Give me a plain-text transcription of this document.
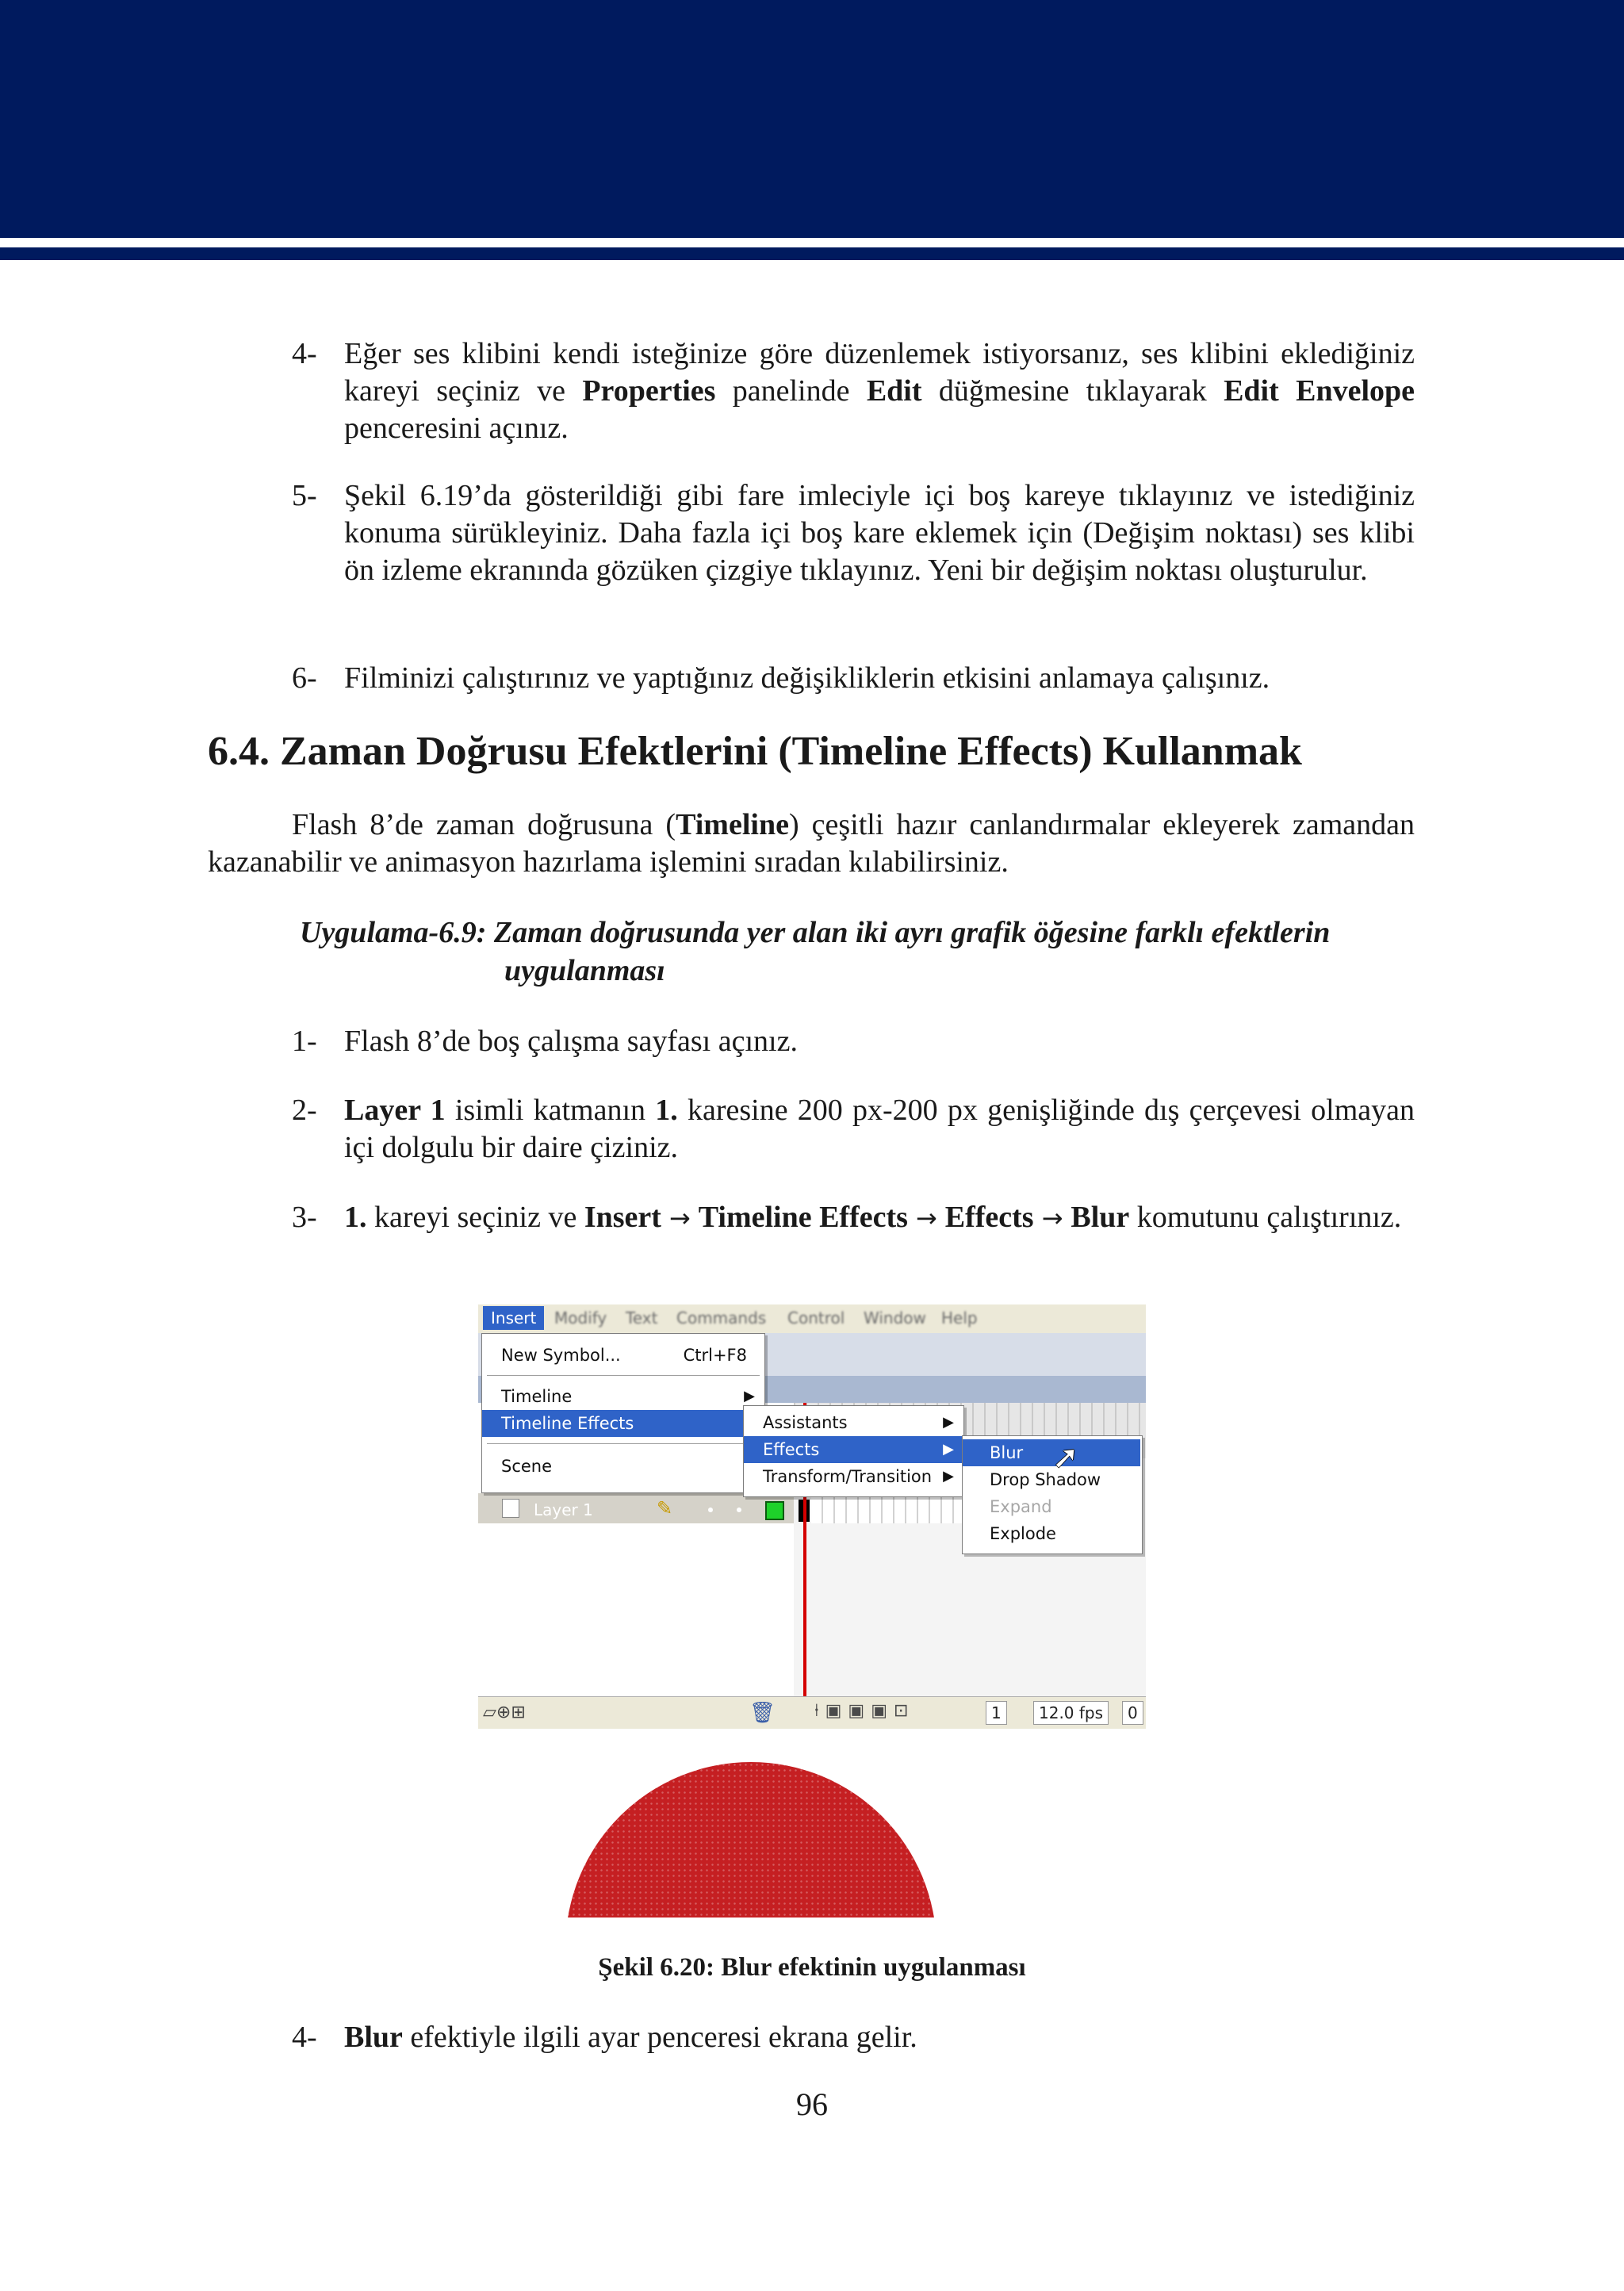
4- Eğer ses klibini kendi isteğinize göre düzenlemek istiyorsanız, ses klibini eklediğiniz kareyi seçiniz ve Properties panelinde Edit düğmesine tıklayarak Edit Envelope penceresini açınız.
5- Şekil 6.19’da gösterildiği gibi fare imleciyle içi boş kareye tıklayınız ve istediğiniz konuma sürükleyiniz. Daha fazla içi boş kare eklemek için (Değişim noktası) ses klibi ön izleme ekranında gözüken çizgiye tıklayınız. Yeni bir değişim noktası oluşturulur.
6- Filminizi çalıştırınız ve yaptığınız değişikliklerin etkisini anlamaya çalışınız.
6.4. Zaman Doğrusu Efektlerini (Timeline Effects) Kullanmak
Flash 8’de zaman doğrusuna (Timeline) çeşitli hazır canlandırmalar ekleyerek zamandan kazanabilir ve animasyon hazırlama işlemini sıradan kılabilirsiniz.
Uygulama-6.9: Zaman doğrusunda yer alan iki ayrı grafik öğesine farklı efektlerin
uygulanması
1- Flash 8’de boş çalışma sayfası açınız.
2- Layer 1 isimli katmanın 1. karesine 200 px-200 px genişliğinde dış çerçevesi olmayan içi dolgulu bir daire çiziniz.
3- 1. kareyi seçiniz ve Insert → Timeline Effects → Effects → Blur komutunu çalıştırınız.
Insert	Modify Text Commands Control Window Help
Layer 1	✎
New Symbol...	Ctrl+F8
Timeline	▶
Timeline Effects
Scene
Assistants	▶
Effects	▶
Transform/Transition ▶
Blur
Drop Shadow
Expand
Explode
➚
▱⊕⊞	🗑 ⍿▣▣▣⊡	1	12.0 fps	0
Şekil 6.20: Blur efektinin uygulanması
4- Blur efektiyle ilgili ayar penceresi ekrana gelir.
96
